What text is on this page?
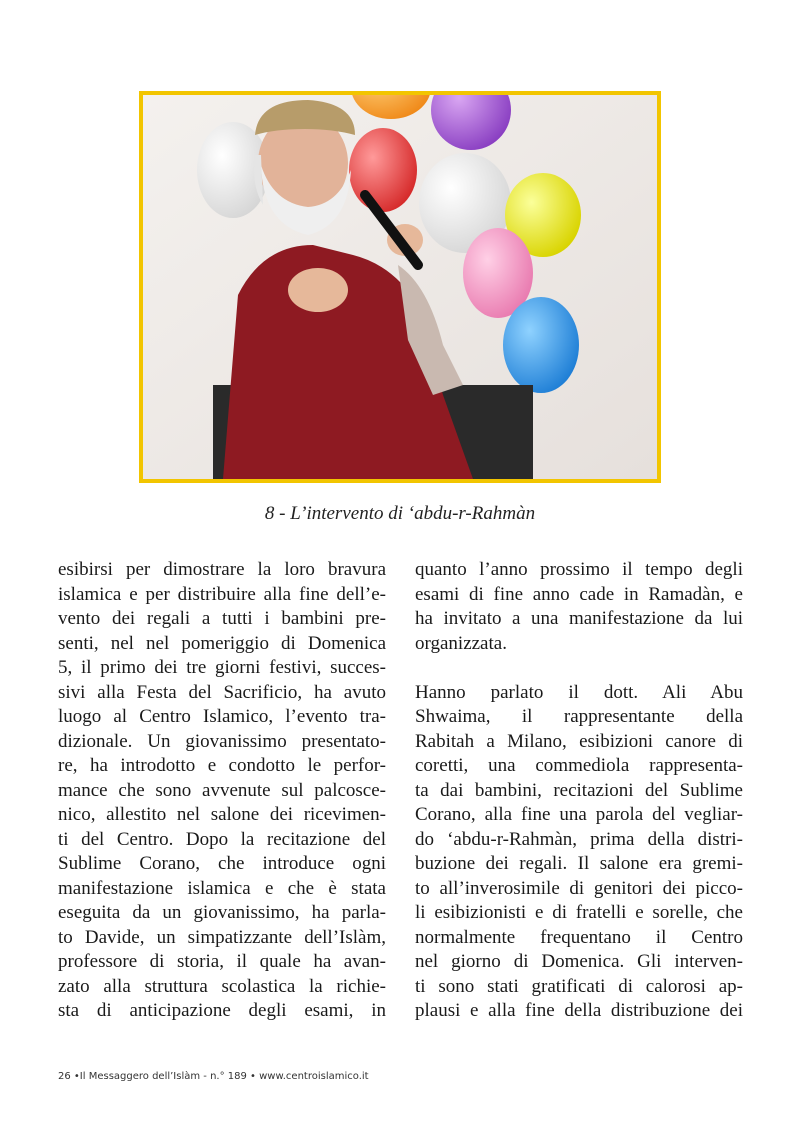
8 - L’intervento di ‘abdu-r-Rahmàn
esibirsi per dimostrare la loro bravura
islamica e per distribuire alla fine dell’e-
vento dei regali a tutti i bambini pre-
senti, nel nel pomeriggio di Domenica
5, il primo dei tre giorni festivi, succes-
sivi alla Festa del Sacrificio, ha avuto
luogo al Centro Islamico, l’evento tra-
dizionale. Un giovanissimo presentato-
re, ha introdotto e condotto le perfor-
mance che sono avvenute sul palcosce-
nico, allestito nel salone dei ricevimen-
ti del Centro. Dopo la recitazione del
Sublime Corano, che introduce ogni
manifestazione islamica e che è stata
eseguita da un giovanissimo, ha parla-
to Davide, un simpatizzante dell’Islàm,
professore di storia, il quale ha avan-
zato alla struttura scolastica la richie-
sta di anticipazione degli esami, in
quanto l’anno prossimo il tempo degli
esami di fine anno cade in Ramadàn, e
ha invitato a una manifestazione da lui
organizzata.
Hanno parlato il dott. Ali Abu
Shwaima, il rappresentante della
Rabitah a Milano, esibizioni canore di
coretti, una commediola rappresenta-
ta dai bambini, recitazioni del Sublime
Corano, alla fine una parola del vegliar-
do ‘abdu-r-Rahmàn, prima della distri-
buzione dei regali. Il salone era gremi-
to all’inverosimile di genitori dei picco-
li esibizionisti e di fratelli e sorelle, che
normalmente frequentano il Centro
nel giorno di Domenica. Gli interven-
ti sono stati gratificati di calorosi ap-
plausi e alla fine della distribuzione dei
26 •Il Messaggero dell’Islàm - n.° 189 • www.centroislamico.it
